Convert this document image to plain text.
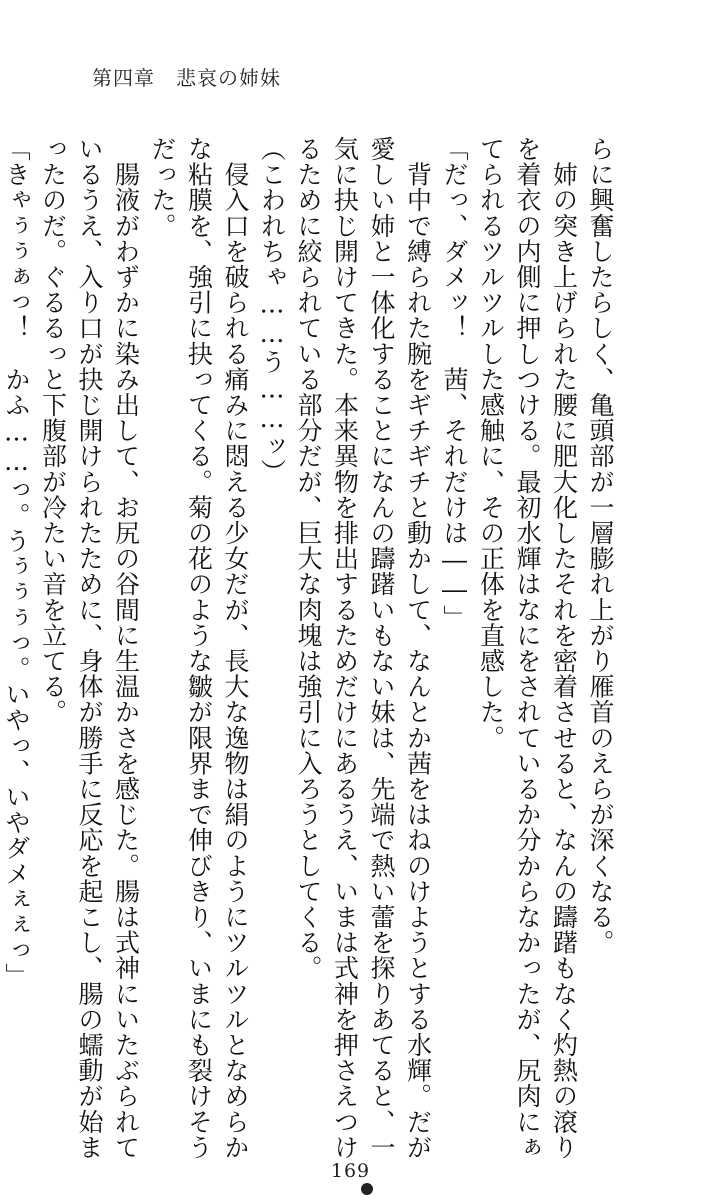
第四章　悲哀の姉妹
らに興奮したらしく、亀頭部が一層膨れ上がり雁首のえらが深くなる。
　姉の突き上げられた腰に肥大化したそれを密着させると、なんの躊躇もなく灼熱の滾り
を着衣の内側に押しつける。最初水輝はなにをされているか分からなかったが、尻肉にぁ
てられるツルツルした感触に、その正体を直感した。
「だっ、ダメッ！　茜、それだけは――」
　背中で縛られた腕をギチギチと動かして、なんとか茜をはねのけようとする水輝。だが
愛しい姉と一体化することになんの躊躇いもない妹は、先端で熱い蕾を探りあてると、一
気に抉じ開けてきた。本来異物を排出するためだけにあるうえ、いまは式神を押さえつけ
るために絞られている部分だが、巨大な肉塊は強引に入ろうとしてくる。
（こわれちゃ……う……ッ）
　侵入口を破られる痛みに悶える少女だが、長大な逸物は絹のようにツルツルとなめらか
な粘膜を、強引に抉ってくる。菊の花のような皺が限界まで伸びきり、いまにも裂けそう
だった。
　腸液がわずかに染み出して、お尻の谷間に生温かさを感じた。腸は式神にいたぶられて
いるうえ、入り口が抉じ開けられたために、身体が勝手に反応を起こし、腸の蠕動が始ま
ったのだ。ぐるるっと下腹部が冷たい音を立てる。
「きゃぅぅぁっ！　かふ……っ。うぅぅぅっ。いやっ、いやダメぇぇっ」
169
